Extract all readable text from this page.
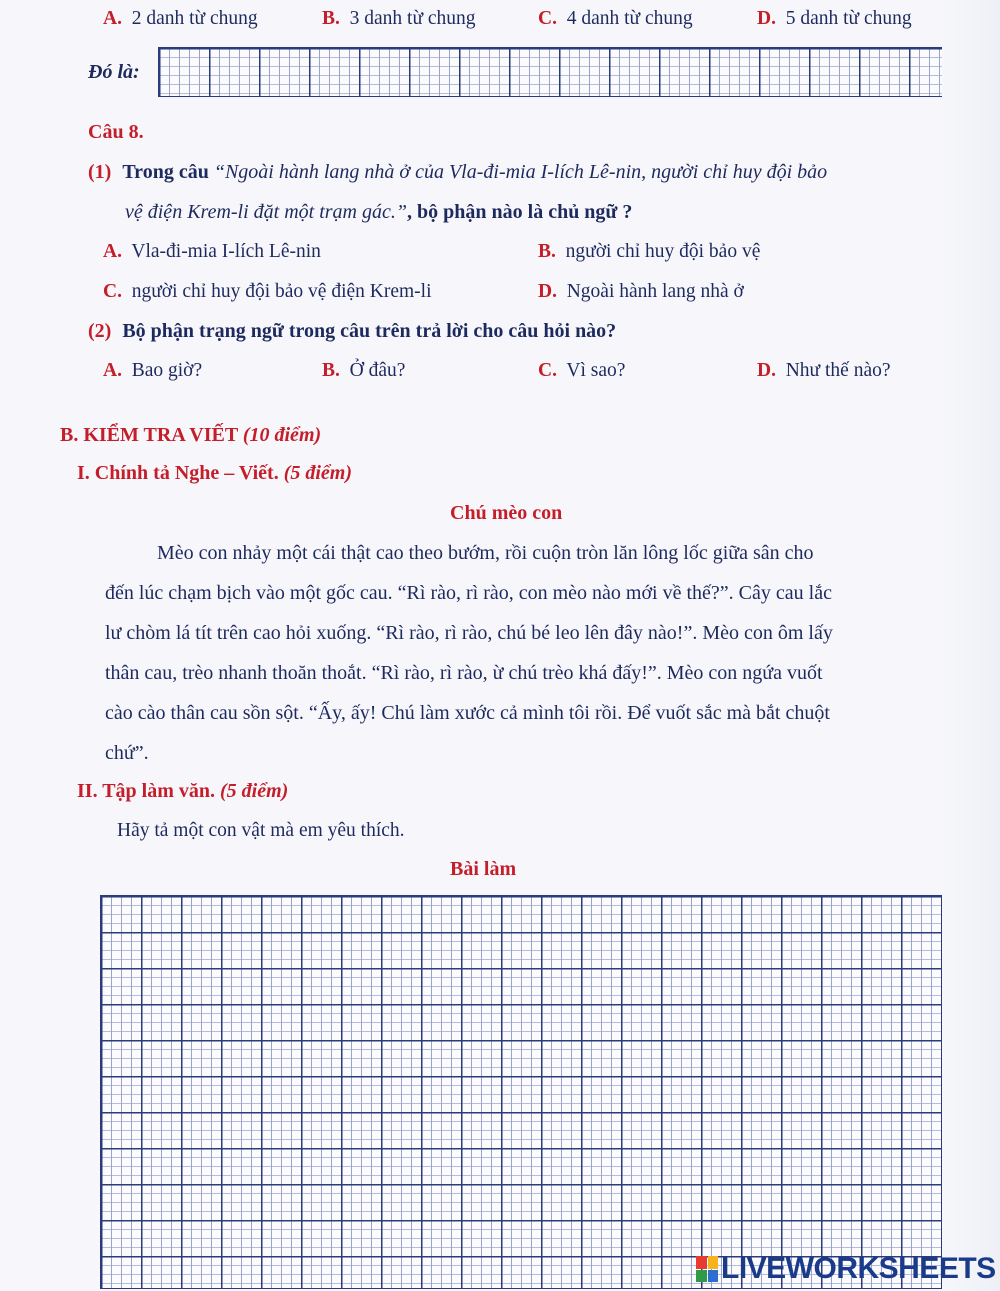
A. 2 danh từ chung	B. 3 danh từ chung	C. 4 danh từ chung	D. 5 danh từ chung
Đó là:
Câu 8.
(1) Trong câu “Ngoài hành lang nhà ở của Vla-đi-mia I-lích Lê-nin, người chỉ huy đội bảo
vệ điện Krem-li đặt một trạm gác.”, bộ phận nào là chủ ngữ ?
A. Vla-đi-mia I-lích Lê-nin	B. người chỉ huy đội bảo vệ
C. người chỉ huy đội bảo vệ điện Krem-li	D. Ngoài hành lang nhà ở
(2) Bộ phận trạng ngữ trong câu trên trả lời cho câu hỏi nào?
A. Bao giờ?	B. Ở đâu?	C. Vì sao?	D. Như thế nào?
B. KIỂM TRA VIẾT (10 điểm)
I. Chính tả Nghe – Viết. (5 điểm)
Chú mèo con
Mèo con nhảy một cái thật cao theo bướm, rồi cuộn tròn lăn lông lốc giữa sân cho
đến lúc chạm bịch vào một gốc cau. “Rì rào, rì rào, con mèo nào mới về thế?”. Cây cau lắc
lư chòm lá tít trên cao hỏi xuống. “Rì rào, rì rào, chú bé leo lên đây nào!”. Mèo con ôm lấy
thân cau, trèo nhanh thoăn thoắt. “Rì rào, rì rào, ừ chú trèo khá đấy!”. Mèo con ngứa vuốt
cào cào thân cau sồn sột. “Ấy, ấy! Chú làm xước cả mình tôi rồi. Để vuốt sắc mà bắt chuột
chứ”.
II. Tập làm văn. (5 điểm)
Hãy tả một con vật mà em yêu thích.
Bài làm
LIVEWORKSHEETS
